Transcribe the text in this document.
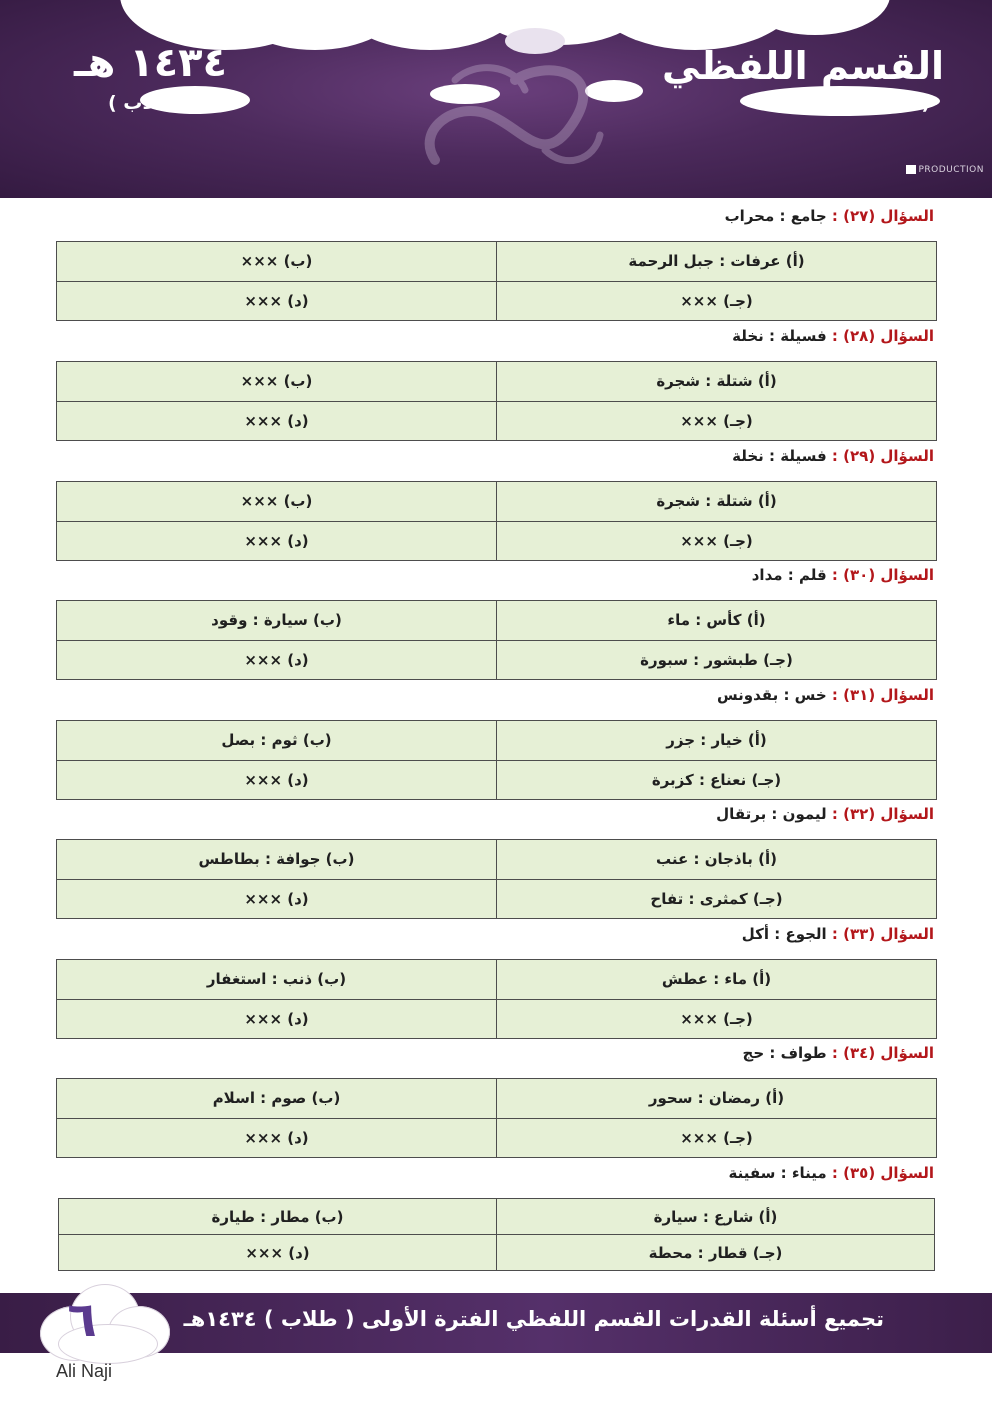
القسم اللفظي
( الفترة الأولى )
١٤٣٤ هـ
( طلاب )
PRODUCTION
السؤال (٢٧) : جامع : محراب
(أ) عرفات : جبل الرحمة	(ب) ×××
(جـ) ×××	(د) ×××
السؤال (٢٨) : فسيلة : نخلة
(أ) شتلة : شجرة	(ب) ×××
(جـ) ×××	(د) ×××
السؤال (٢٩) : فسيلة : نخلة
(أ) شتلة : شجرة	(ب) ×××
(جـ) ×××	(د) ×××
السؤال (٣٠) : قلم : مداد
(أ) كأس : ماء	(ب) سيارة : وقود
(جـ) طبشور : سبورة	(د) ×××
السؤال (٣١) : خس : بقدونس
(أ) خيار : جزر	(ب) ثوم : بصل
(جـ) نعناع : كزبرة	(د) ×××
السؤال (٣٢) : ليمون : برتقال
(أ) باذجان : عنب	(ب) جوافة : بطاطس
(جـ) كمثرى : تفاح	(د) ×××
السؤال (٣٣) : الجوع : أكل
(أ) ماء : عطش	(ب) ذنب : استغفار
(جـ) ×××	(د) ×××
السؤال (٣٤) : طواف : حج
(أ) رمضان : سحور	(ب) صوم : اسلام
(جـ) ×××	(د) ×××
السؤال (٣٥) : ميناء : سفينة
(أ) شارع : سيارة	(ب) مطار : طيارة
(جـ) قطار : محطة	(د) ×××
تجميع أسئلة القدرات القسم اللفظي الفترة الأولى ( طلاب ) ١٤٣٤هـ
٦
Ali Naji
